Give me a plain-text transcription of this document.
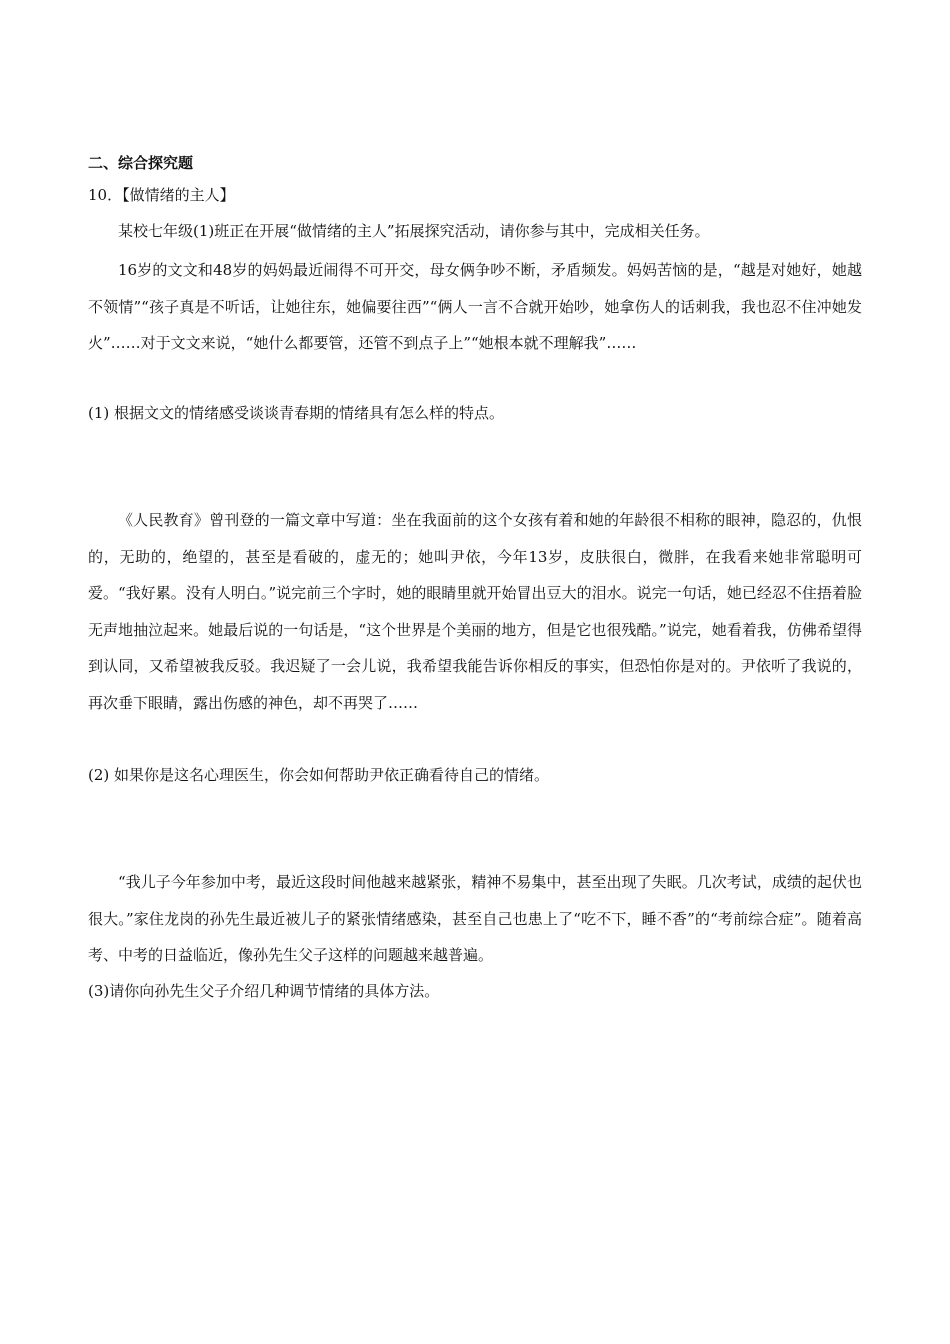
二、综合探究题
10．【做情绪的主人】
某校七年级(1)班正在开展“做情绪的主人”拓展探究活动，请你参与其中，完成相关任务。
16岁的文文和48岁的妈妈最近闹得不可开交，母女俩争吵不断，矛盾频发。妈妈苦恼的是，“越是对她好，她越不领情”“孩子真是不听话，让她往东，她偏要往西”“俩人一言不合就开始吵，她拿伤人的话刺我，我也忍不住冲她发火”……对于文文来说，“她什么都要管，还管不到点子上”“她根本就不理解我”……
(1) 根据文文的情绪感受谈谈青春期的情绪具有怎么样的特点。
《人民教育》曾刊登的一篇文章中写道：坐在我面前的这个女孩有着和她的年龄很不相称的眼神，隐忍的，仇恨的，无助的，绝望的，甚至是看破的，虚无的；她叫尹依，今年13岁，皮肤很白，微胖，在我看来她非常聪明可爱。“我好累。没有人明白。”说完前三个字时，她的眼睛里就开始冒出豆大的泪水。说完一句话，她已经忍不住捂着脸无声地抽泣起来。她最后说的一句话是，“这个世界是个美丽的地方，但是它也很残酷。”说完，她看着我，仿佛希望得到认同，又希望被我反驳。我迟疑了一会儿说，我希望我能告诉你相反的事实，但恐怕你是对的。尹依听了我说的，再次垂下眼睛，露出伤感的神色，却不再哭了……
(2) 如果你是这名心理医生，你会如何帮助尹依正确看待自己的情绪。
“我儿子今年参加中考，最近这段时间他越来越紧张，精神不易集中，甚至出现了失眠。几次考试，成绩的起伏也很大。”家住龙岗的孙先生最近被儿子的紧张情绪感染，甚至自己也患上了“吃不下，睡不香”的“考前综合症”。随着高考、中考的日益临近，像孙先生父子这样的问题越来越普遍。
(3)请你向孙先生父子介绍几种调节情绪的具体方法。
